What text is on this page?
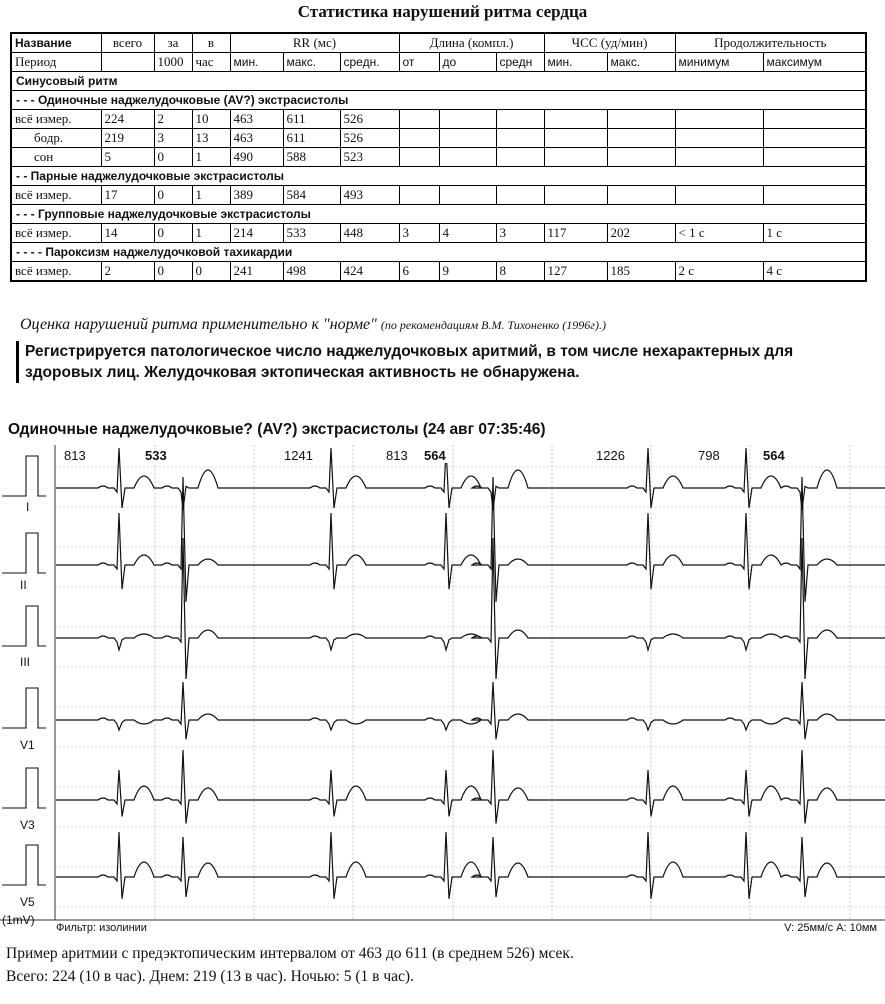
Статистика нарушений ритма сердца
Название	всего	за	в	RR (мс)			Длина (компл.)			ЧСС (уд/мин)		Продолжительность	
Период		1000	час	мин.	макс.	средн.	от	до	средн	мин.	макс.	минимум	максимум
Синусовый ритм													
- - - Одиночные наджелудочковые (AV?) экстрасистолы													
всё измер.	224	2	10	463	611	526							
бодр.	219	3	13	463	611	526							
сон	5	0	1	490	588	523							
- - Парные наджелудочковые экстрасистолы													
всё измер.	17	0	1	389	584	493							
- - - Групповые наджелудочковые экстрасистолы													
всё измер.	14	0	1	214	533	448	3	4	3	117	202	< 1 с	1 с
- - - - Пароксизм наджелудочковой тахикардии													
всё измер.	2	0	0	241	498	424	6	9	8	127	185	2 с	4 с
Оценка нарушений ритма применительно к "норме" (по рекомендациям В.М. Тихоненко (1996г).)
Регистрируется патологическое число наджелудочковых аритмий, в том числе нехарактерных для здоровых лиц. Желудочковая эктопическая активность не обнаружена.
Одиночные наджелудочковые? (AV?) экстрасистолы (24 авг 07:35:46)
813	533	1241	813 564	1226	798	564
I
II
III
V1
V3
V5
(1mV)
Фильтр: изолинии	V: 25мм/с A: 10мм
Пример аритмии с предэктопическим интервалом от 463 до 611 (в среднем 526) мсек.
Всего: 224 (10 в час). Днем: 219 (13 в час). Ночью: 5 (1 в час).
